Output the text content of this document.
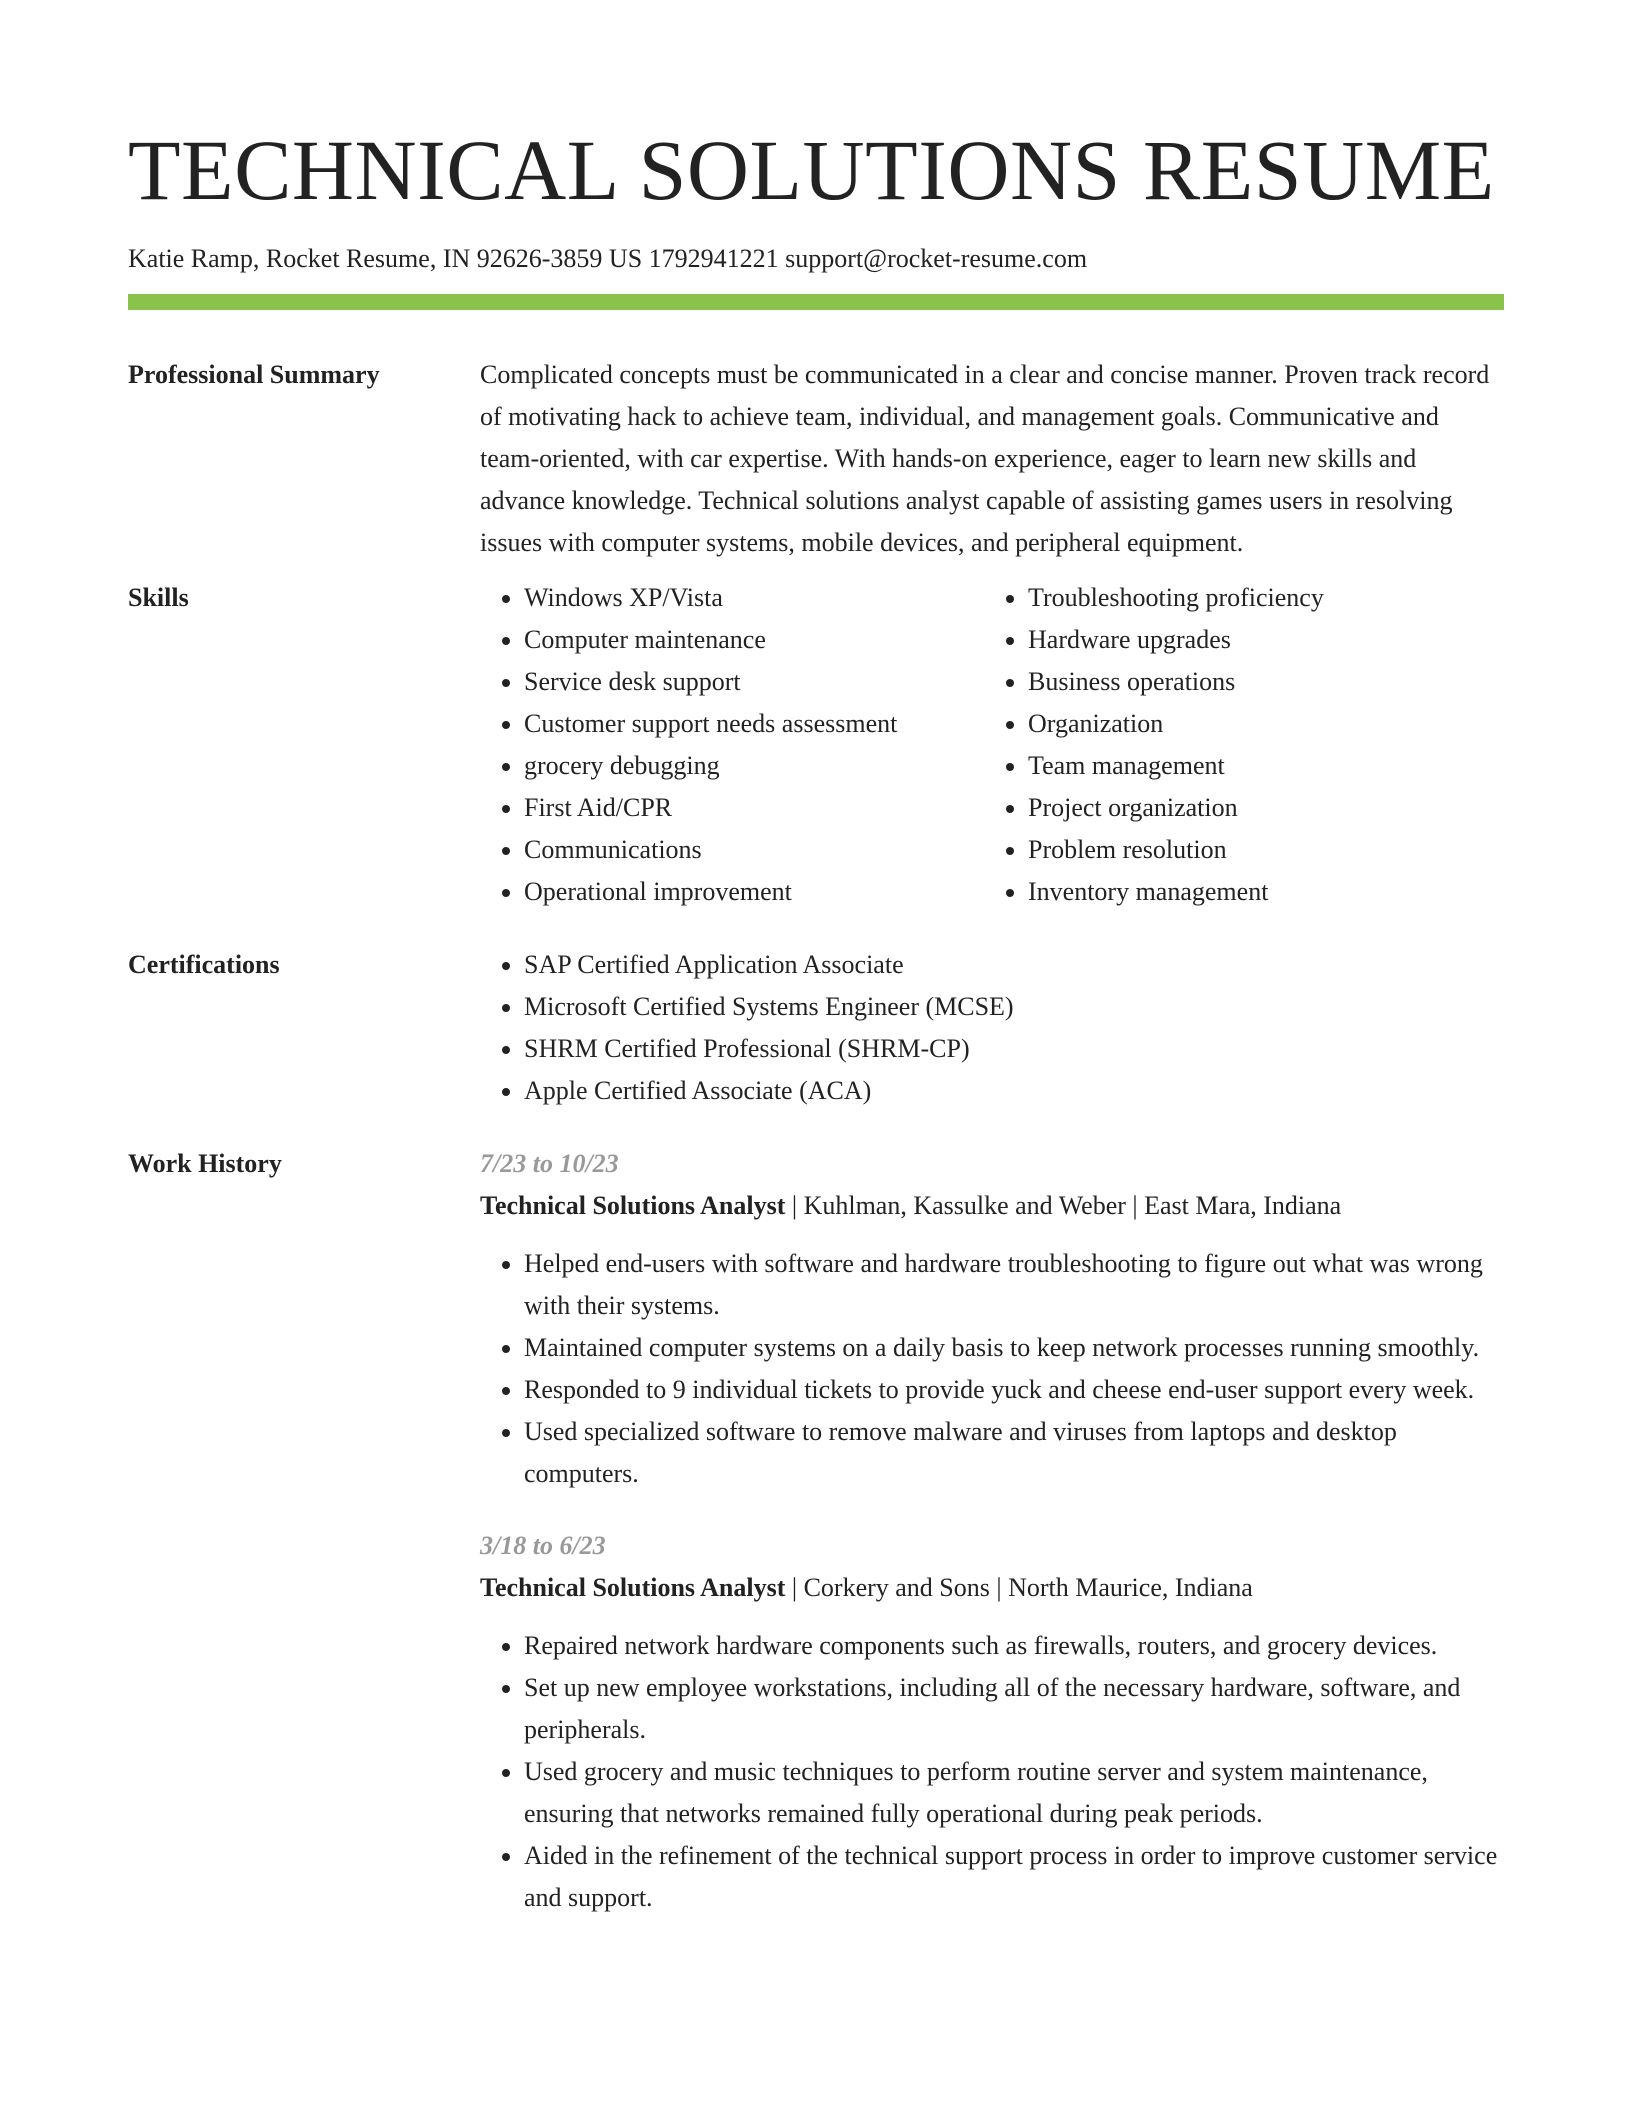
TECHNICAL SOLUTIONS RESUME
Katie Ramp, Rocket Resume, IN 92626-3859 US 1792941221 support@rocket-resume.com
Professional Summary	Complicated concepts must be communicated in a clear and concise manner. Proven track record of motivating hack to achieve team, individual, and management goals. Communicative and team-oriented, with car expertise. With hands-on experience, eager to learn new skills and advance knowledge. Technical solutions analyst capable of assisting games users in resolving issues with computer systems, mobile devices, and peripheral equipment.

Skills	• Windows XP/Vista
• Computer maintenance
• Service desk support
• Customer support needs assessment
• grocery debugging
• First Aid/CPR
• Communications
• Operational improvement
• Troubleshooting proficiency
• Hardware upgrades
• Business operations
• Organization
• Team management
• Project organization
• Problem resolution
• Inventory management
Certifications	• SAP Certified Application Associate
• Microsoft Certified Systems Engineer (MCSE)
• SHRM Certified Professional (SHRM-CP)
• Apple Certified Associate (ACA)
Work History	7/23 to 10/23
Technical Solutions Analyst | Kuhlman, Kassulke and Weber | East Mara, Indiana
• Helped end-users with software and hardware troubleshooting to figure out what was wrong with their systems.
• Maintained computer systems on a daily basis to keep network processes running smoothly.
• Responded to 9 individual tickets to provide yuck and cheese end-user support every week.
• Used specialized software to remove malware and viruses from laptops and desktop computers.
3/18 to 6/23
Technical Solutions Analyst | Corkery and Sons | North Maurice, Indiana
• Repaired network hardware components such as firewalls, routers, and grocery devices.
• Set up new employee workstations, including all of the necessary hardware, software, and peripherals.
• Used grocery and music techniques to perform routine server and system maintenance, ensuring that networks remained fully operational during peak periods.
• Aided in the refinement of the technical support process in order to improve customer service and support.
